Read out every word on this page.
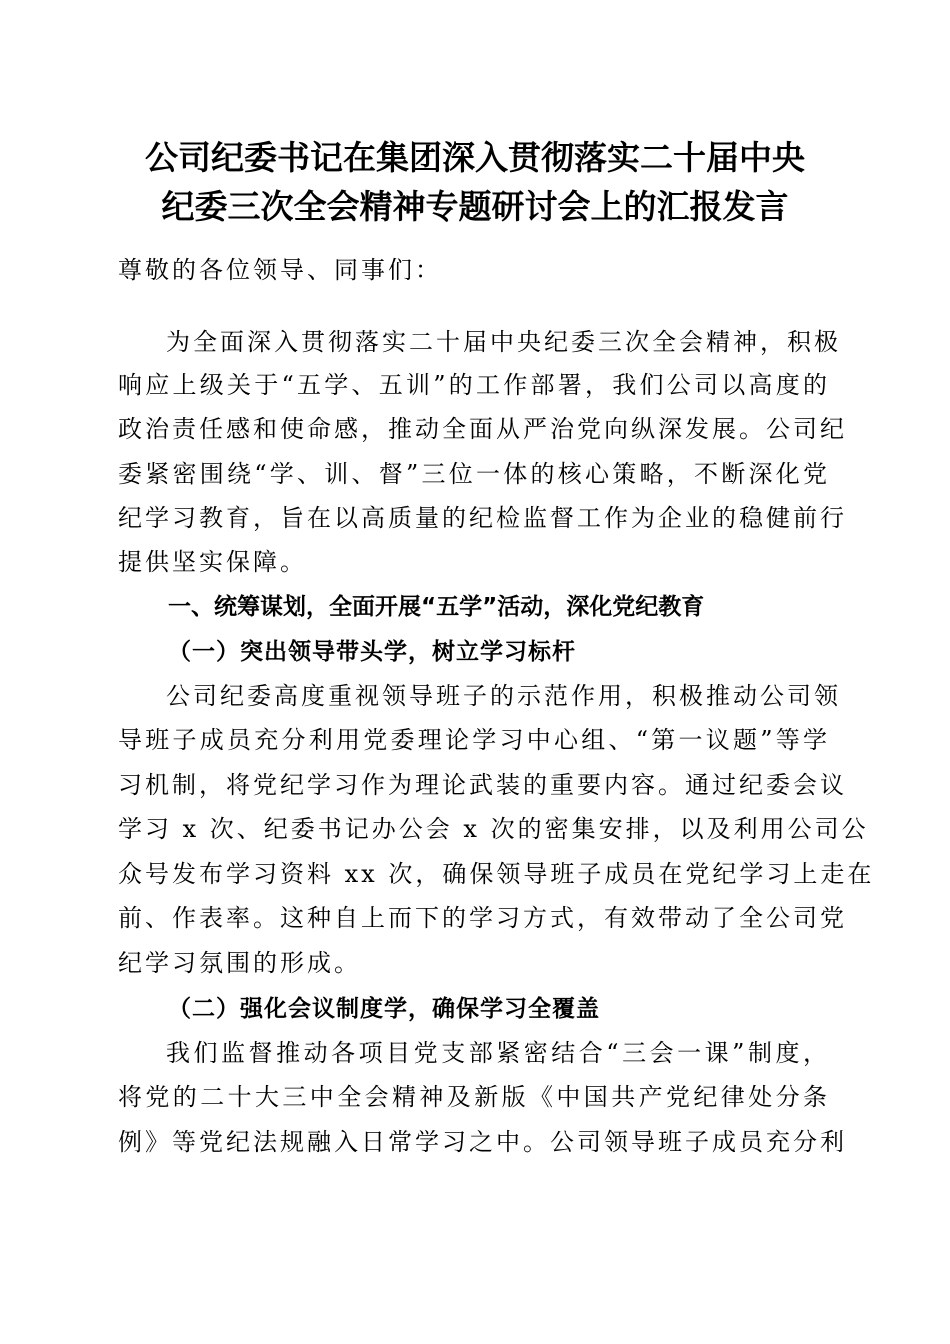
公司纪委书记在集团深入贯彻落实二十届中央
纪委三次全会精神专题研讨会上的汇报发言
尊敬的各位领导、同事们：
为全面深入贯彻落实二十届中央纪委三次全会精神，积极
响应上级关于“五学、五训”的工作部署，我们公司以高度的
政治责任感和使命感，推动全面从严治党向纵深发展。公司纪
委紧密围绕“学、训、督”三位一体的核心策略，不断深化党
纪学习教育，旨在以高质量的纪检监督工作为企业的稳健前行
提供坚实保障。
一、统筹谋划，全面开展“五学”活动，深化党纪教育
（一）突出领导带头学，树立学习标杆
公司纪委高度重视领导班子的示范作用，积极推动公司领
导班子成员充分利用党委理论学习中心组、“第一议题”等学
习机制，将党纪学习作为理论武装的重要内容。通过纪委会议
学习 x 次、纪委书记办公会 x 次的密集安排，以及利用公司公
众号发布学习资料 xx 次，确保领导班子成员在党纪学习上走在
前、作表率。这种自上而下的学习方式，有效带动了全公司党
纪学习氛围的形成。
（二）强化会议制度学，确保学习全覆盖
我们监督推动各项目党支部紧密结合“三会一课”制度，
将党的二十大三中全会精神及新版《中国共产党纪律处分条
例》等党纪法规融入日常学习之中。公司领导班子成员充分利
